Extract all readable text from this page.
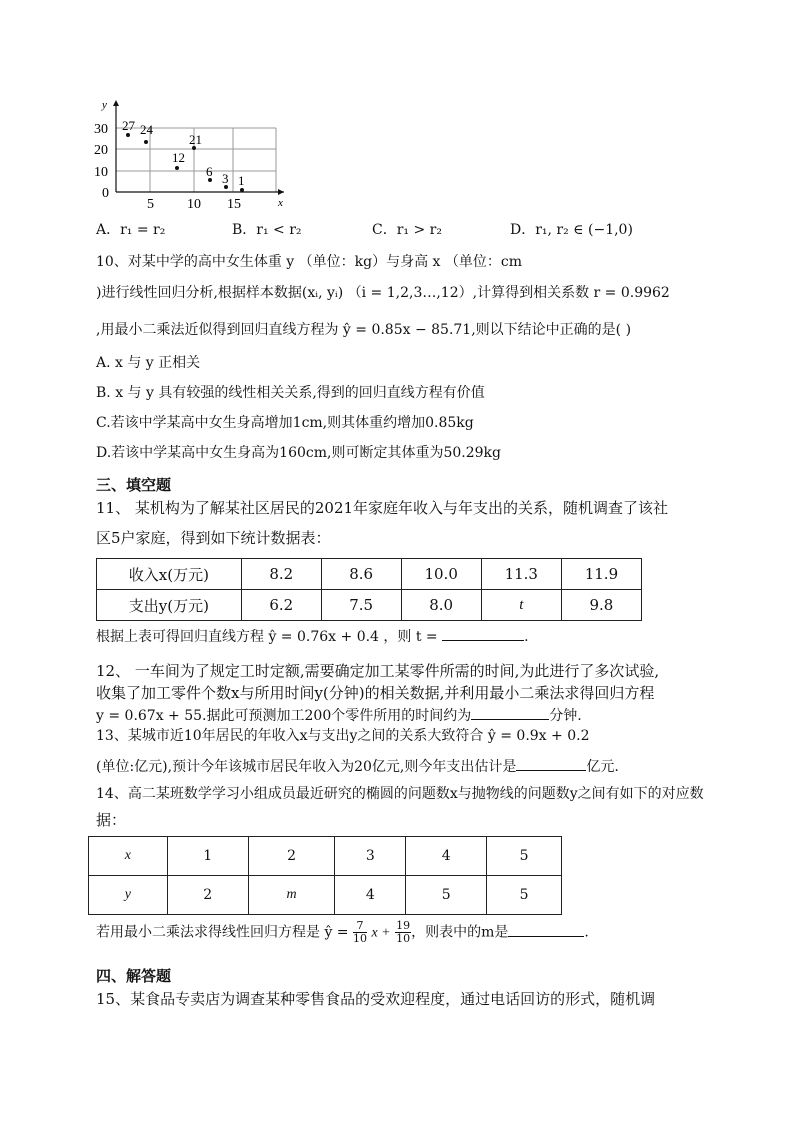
y
x
0
10
20
30
5 10 15
27 24
12
21
6 3 1
A．r₁ = r₂	B．r₁ < r₂	C．r₁ > r₂	D．r₁, r₂ ∈ (−1,0)
10、对某中学的高中女生体重 y （单位：kg）与身高 x （单位：cm
)进行线性回归分析,根据样本数据(xᵢ, yᵢ) （i = 1,2,3…,12）,计算得到相关系数 r = 0.9962
,用最小二乘法近似得到回归直线方程为 ŷ = 0.85x − 85.71,则以下结论中正确的是( )
A. x 与 y 正相关
B. x 与 y 具有较强的线性相关关系,得到的回归直线方程有价值
C.若该中学某高中女生身高增加1cm,则其体重约增加0.85kg
D.若该中学某高中女生身高为160cm,则可断定其体重为50.29kg
三、填空题
11、 某机构为了解某社区居民的2021年家庭年收入与年支出的关系，随机调查了该社
区5户家庭，得到如下统计数据表：
收入x(万元)	8.2	8.6	10.0	11.3	11.9
支出y(万元)	6.2	7.5	8.0	t	9.8
根据上表可得回归直线方程 ŷ = 0.76x + 0.4 ，则 t =	.
12、 一车间为了规定工时定额,需要确定加工某零件所需的时间,为此进行了多次试验,
收集了加工零件个数x与所用时间y(分钟)的相关数据,并利用最小二乘法求得回归方程
y = 0.67x + 55.据此可预测加工200个零件所用的时间约为	分钟.
13、某城市近10年居民的年收入x与支出y之间的关系大致符合 ŷ = 0.9x + 0.2
(单位:亿元),预计今年该城市居民年收入为20亿元,则今年支出估计是	亿元.
14、高二某班数学学习小组成员最近研究的椭圆的问题数x与抛物线的问题数y之间有如下的对应数
据：
x	1	2	3	4	5
y	2	m	4	5	5
若用最小二乘法求得线性回归方程是 ŷ = $\frac{7}{10}$ $x + \frac{19}{10}$ ，则表中的m是	.
四、解答题
15、某食品专卖店为调查某种零售食品的受欢迎程度，通过电话回访的形式，随机调
